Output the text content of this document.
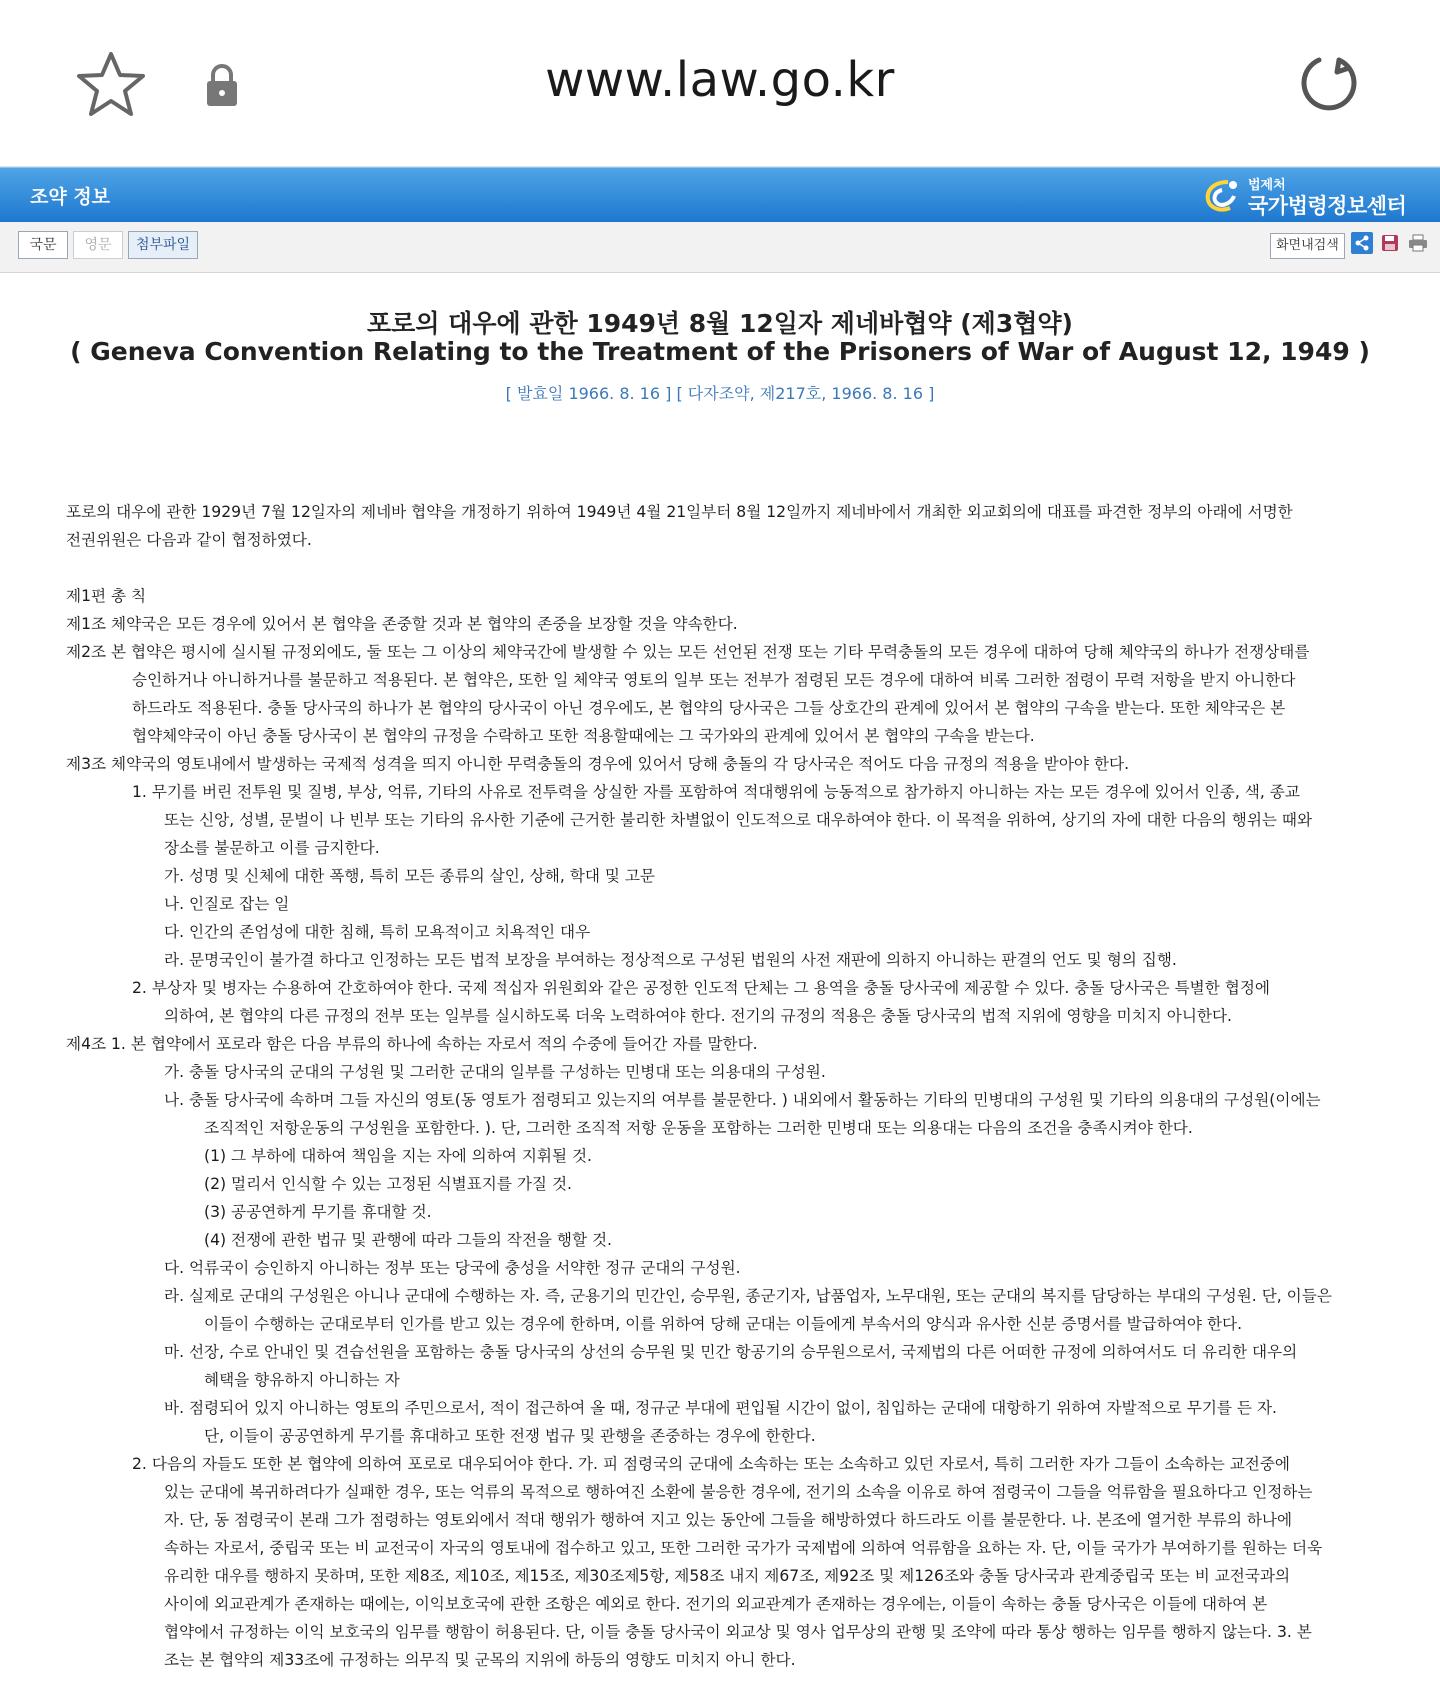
www.law.go.kr
조약 정보
법제처
국가법령정보센터
국문	영문	첨부파일	화면내검색
포로의 대우에 관한 1949년 8월 12일자 제네바협약 (제3협약)
( Geneva Convention Relating to the Treatment of the Prisoners of War of August 12, 1949 )
[ 발효일 1966. 8. 16 ] [ 다자조약, 제217호, 1966. 8. 16 ]

포로의 대우에 관한 1929년 7월 12일자의 제네바 협약을 개정하기 위하여 1949년 4월 21일부터 8월 12일까지 제네바에서 개최한 외교회의에 대표를 파견한 정부의 아래에 서명한

전권위원은 다음과 같이 협정하였다.

제1편 총 칙

제1조 체약국은 모든 경우에 있어서 본 협약을 존중할 것과 본 협약의 존중을 보장할 것을 약속한다.

제2조 본 협약은 평시에 실시될 규정외에도, 둘 또는 그 이상의 체약국간에 발생할 수 있는 모든 선언된 전쟁 또는 기타 무력충돌의 모든 경우에 대하여 당해 체약국의 하나가 전쟁상태를

승인하거나 아니하거나를 불문하고 적용된다. 본 협약은, 또한 일 체약국 영토의 일부 또는 전부가 점령된 모든 경우에 대하여 비록 그러한 점령이 무력 저항을 받지 아니한다

하드라도 적용된다. 충돌 당사국의 하나가 본 협약의 당사국이 아닌 경우에도, 본 협약의 당사국은 그들 상호간의 관계에 있어서 본 협약의 구속을 받는다. 또한 체약국은 본

협약체약국이 아닌 충돌 당사국이 본 협약의 규정을 수락하고 또한 적용할때에는 그 국가와의 관계에 있어서 본 협약의 구속을 받는다.

제3조 체약국의 영토내에서 발생하는 국제적 성격을 띄지 아니한 무력충돌의 경우에 있어서 당해 충돌의 각 당사국은 적어도 다음 규정의 적용을 받아야 한다.

1. 무기를 버린 전투원 및 질병, 부상, 억류, 기타의 사유로 전투력을 상실한 자를 포함하여 적대행위에 능동적으로 참가하지 아니하는 자는 모든 경우에 있어서 인종, 색, 종교

또는 신앙, 성별, 문벌이 나 빈부 또는 기타의 유사한 기준에 근거한 불리한 차별없이 인도적으로 대우하여야 한다. 이 목적을 위하여, 상기의 자에 대한 다음의 행위는 때와

장소를 불문하고 이를 금지한다.

가. 성명 및 신체에 대한 폭행, 특히 모든 종류의 살인, 상해, 학대 및 고문

나. 인질로 잡는 일

다. 인간의 존엄성에 대한 침해, 특히 모욕적이고 치욕적인 대우

라. 문명국인이 불가결 하다고 인정하는 모든 법적 보장을 부여하는 정상적으로 구성된 법원의 사전 재판에 의하지 아니하는 판결의 언도 및 형의 집행.

2. 부상자 및 병자는 수용하여 간호하여야 한다. 국제 적십자 위원회와 같은 공정한 인도적 단체는 그 용역을 충돌 당사국에 제공할 수 있다. 충돌 당사국은 특별한 협정에

의하여, 본 협약의 다른 규정의 전부 또는 일부를 실시하도록 더욱 노력하여야 한다. 전기의 규정의 적용은 충돌 당사국의 법적 지위에 영향을 미치지 아니한다.

제4조 1. 본 협약에서 포로라 함은 다음 부류의 하나에 속하는 자로서 적의 수중에 들어간 자를 말한다.

가. 충돌 당사국의 군대의 구성원 및 그러한 군대의 일부를 구성하는 민병대 또는 의용대의 구성원.

나. 충돌 당사국에 속하며 그들 자신의 영토(동 영토가 점령되고 있는지의 여부를 불문한다. ) 내외에서 활동하는 기타의 민병대의 구성원 및 기타의 의용대의 구성원(이에는

조직적인 저항운동의 구성원을 포함한다. ). 단, 그러한 조직적 저항 운동을 포함하는 그러한 민병대 또는 의용대는 다음의 조건을 충족시켜야 한다.

(1) 그 부하에 대하여 책임을 지는 자에 의하여 지휘될 것.

(2) 멀리서 인식할 수 있는 고정된 식별표지를 가질 것.

(3) 공공연하게 무기를 휴대할 것.

(4) 전쟁에 관한 법규 및 관행에 따라 그들의 작전을 행할 것.

다. 억류국이 승인하지 아니하는 정부 또는 당국에 충성을 서약한 정규 군대의 구성원.

라. 실제로 군대의 구성원은 아니나 군대에 수행하는 자. 즉, 군용기의 민간인, 승무원, 종군기자, 납품업자, 노무대원, 또는 군대의 복지를 담당하는 부대의 구성원. 단, 이들은

이들이 수행하는 군대로부터 인가를 받고 있는 경우에 한하며, 이를 위하여 당해 군대는 이들에게 부속서의 양식과 유사한 신분 증명서를 발급하여야 한다.

마. 선장, 수로 안내인 및 견습선원을 포함하는 충돌 당사국의 상선의 승무원 및 민간 항공기의 승무원으로서, 국제법의 다른 어떠한 규정에 의하여서도 더 유리한 대우의

혜택을 향유하지 아니하는 자

바. 점령되어 있지 아니하는 영토의 주민으로서, 적이 접근하여 올 때, 정규군 부대에 편입될 시간이 없이, 침입하는 군대에 대항하기 위하여 자발적으로 무기를 든 자.

단, 이들이 공공연하게 무기를 휴대하고 또한 전쟁 법규 및 관행을 존중하는 경우에 한한다.

2. 다음의 자들도 또한 본 협약에 의하여 포로로 대우되어야 한다. 가. 피 점령국의 군대에 소속하는 또는 소속하고 있던 자로서, 특히 그러한 자가 그들이 소속하는 교전중에

있는 군대에 복귀하려다가 실패한 경우, 또는 억류의 목적으로 행하여진 소환에 불응한 경우에, 전기의 소속을 이유로 하여 점령국이 그들을 억류함을 필요하다고 인정하는

자. 단, 동 점령국이 본래 그가 점령하는 영토외에서 적대 행위가 행하여 지고 있는 동안에 그들을 해방하였다 하드라도 이를 불문한다. 나. 본조에 열거한 부류의 하나에

속하는 자로서, 중립국 또는 비 교전국이 자국의 영토내에 접수하고 있고, 또한 그러한 국가가 국제법에 의하여 억류함을 요하는 자. 단, 이들 국가가 부여하기를 원하는 더욱

유리한 대우를 행하지 못하며, 또한 제8조, 제10조, 제15조, 제30조제5항, 제58조 내지 제67조, 제92조 및 제126조와 충돌 당사국과 관계중립국 또는 비 교전국과의

사이에 외교관계가 존재하는 때에는, 이익보호국에 관한 조항은 예외로 한다. 전기의 외교관계가 존재하는 경우에는, 이들이 속하는 충돌 당사국은 이들에 대하여 본

협약에서 규정하는 이익 보호국의 임무를 행함이 허용된다. 단, 이들 충돌 당사국이 외교상 및 영사 업무상의 관행 및 조약에 따라 통상 행하는 임무를 행하지 않는다. 3. 본

조는 본 협약의 제33조에 규정하는 의무직 및 군목의 지위에 하등의 영향도 미치지 아니 한다.
